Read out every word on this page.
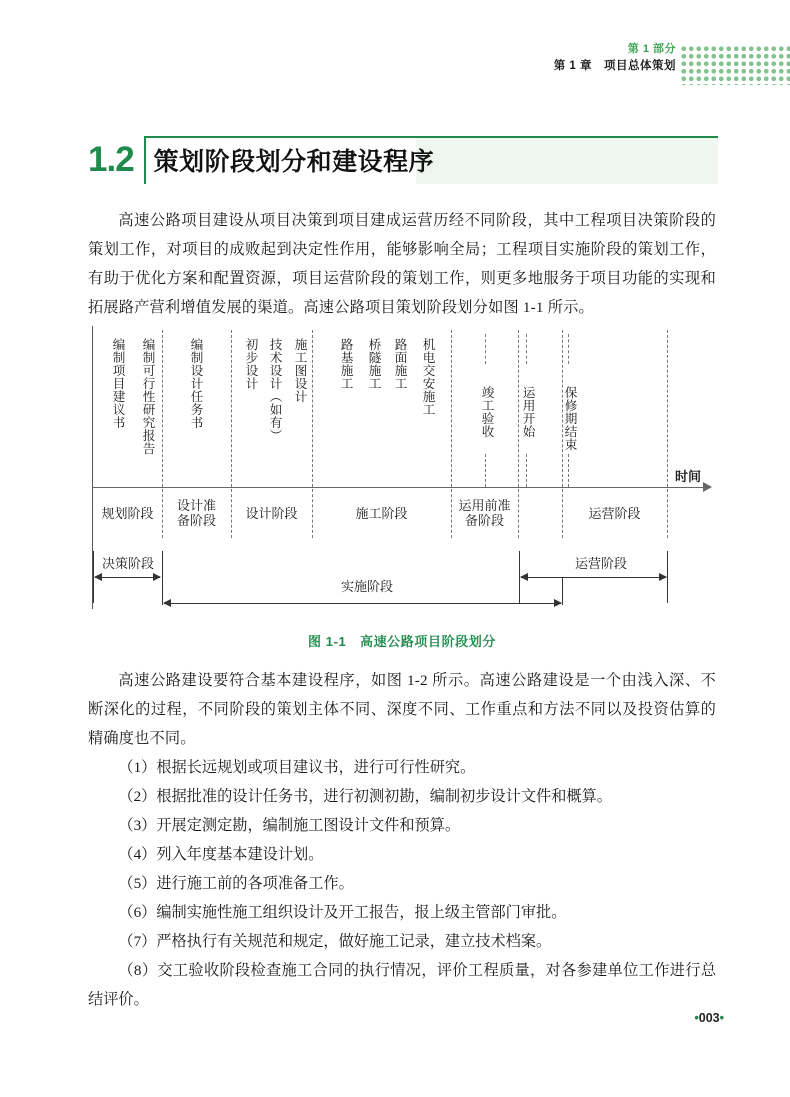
第 1 部分
第 1 章　项目总体策划
1.2 策划阶段划分和建设程序
高速公路项目建设从项目决策到项目建成运营历经不同阶段，其中工程项目决策阶段的策划工作，对项目的成败起到决定性作用，能够影响全局；工程项目实施阶段的策划工作，有助于优化方案和配置资源，项目运营阶段的策划工作，则更多地服务于项目功能的实现和拓展路产营利增值发展的渠道。高速公路项目策划阶段划分如图 1-1 所示。
时间
编制项目建议书 编制可行性研究报告	编制设计任务书	初步设计 技术设计（如有） 施工图设计	路基施工 桥隧施工 路面施工 机电交安施工	竣工验收 运用开始 保修期结束
规划阶段	设计准备阶段	设计阶段	施工阶段	运用前准备阶段	运营阶段
决策阶段	运营阶段
实施阶段
图 1-1　高速公路项目阶段划分
高速公路建设要符合基本建设程序，如图 1-2 所示。高速公路建设是一个由浅入深、不断深化的过程，不同阶段的策划主体不同、深度不同、工作重点和方法不同以及投资估算的精确度也不同。
（1）根据长远规划或项目建议书，进行可行性研究。
（2）根据批准的设计任务书，进行初测初勘，编制初步设计文件和概算。
（3）开展定测定勘，编制施工图设计文件和预算。
（4）列入年度基本建设计划。
（5）进行施工前的各项准备工作。
（6）编制实施性施工组织设计及开工报告，报上级主管部门审批。
（7）严格执行有关规范和规定，做好施工记录，建立技术档案。
（8）交工验收阶段检查施工合同的执行情况，评价工程质量，对各参建单位工作进行总结评价。
•003•
